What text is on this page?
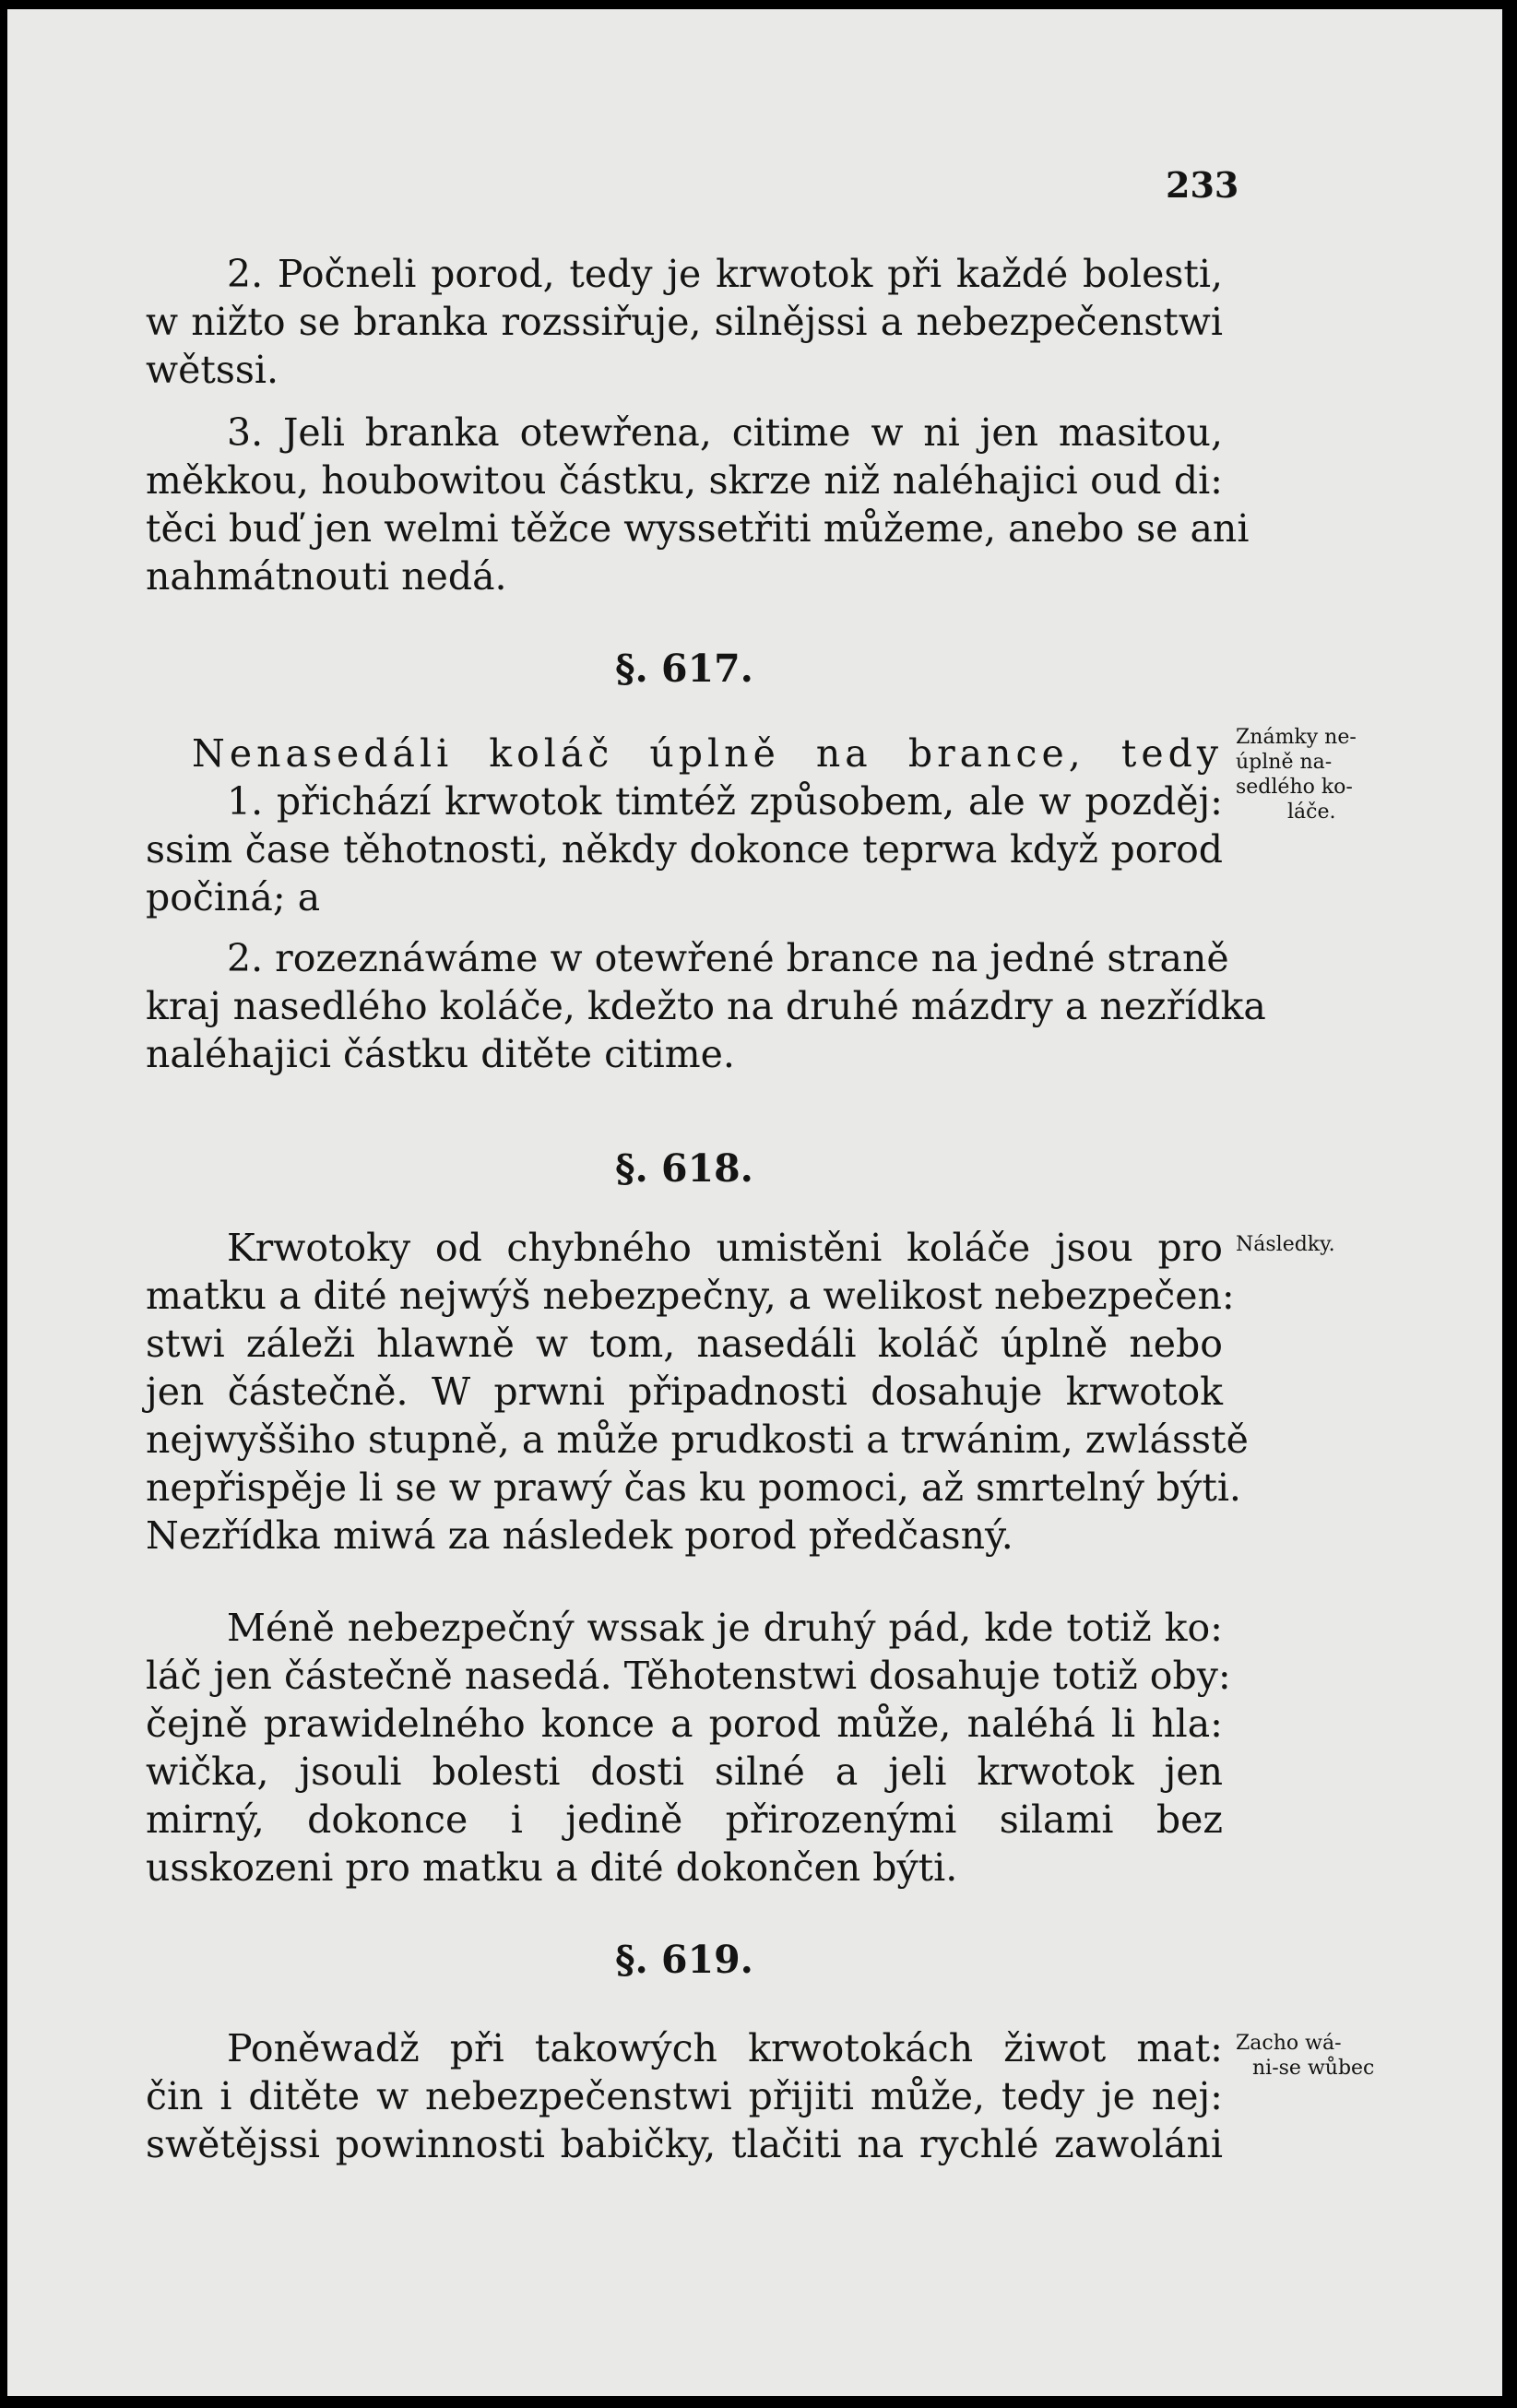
233
2. Počneli porod, tedy je krwotok při každé bolesti,
w nižto se branka rozssiřuje, silnějssi a nebezpečenstwi
wětssi.
3. Jeli branka otewřena, citime w ni jen masitou,
měkkou, houbowitou částku, skrze niž naléhajici oud di:
těci buď jen welmi těžce wyssetřiti můžeme, anebo se ani
nahmátnouti nedá.
§. 617.
Nenasedáli koláč úplně na brance, tedy
1. přichází krwotok timtéž způsobem, ale w pozděj:
ssim čase těhotnosti, někdy dokonce teprwa když porod
počiná; a
2. rozeznáwáme w otewřené brance na jedné straně
kraj nasedlého koláče, kdežto na druhé mázdry a nezřídka
naléhajici částku ditěte citime.
§. 618.
Krwotoky od chybného umistěni koláče jsou pro
matku a dité nejwýš nebezpečny, a welikost nebezpečen:
stwi záleži hlawně w tom, nasedáli koláč úplně nebo
jen částečně. W prwni připadnosti dosahuje krwotok
nejwyššiho stupně, a může prudkosti a trwánim, zwlásstě
nepřispěje li se w prawý čas ku pomoci, až smrtelný býti.
Nezřídka miwá za následek porod předčasný.
Méně nebezpečný wssak je druhý pád, kde totiž ko:
láč jen částečně nasedá. Těhotenstwi dosahuje totiž oby:
čejně prawidelného konce a porod může, naléhá li hla:
wička, jsouli bolesti dosti silné a jeli krwotok jen
mirný, dokonce i jedině přirozenými silami bez
usskozeni pro matku a dité dokončen býti.
§. 619.
Poněwadž při takowých krwotokách žiwot mat:
čin i ditěte w nebezpečenstwi přijiti může, tedy je nej:
swětějssi powinnosti babičky, tlačiti na rychlé zawoláni
Známky ne-
úplně na-
sedlého ko-
láče.
Následky.
Zacho wá-
ni-se wůbec
